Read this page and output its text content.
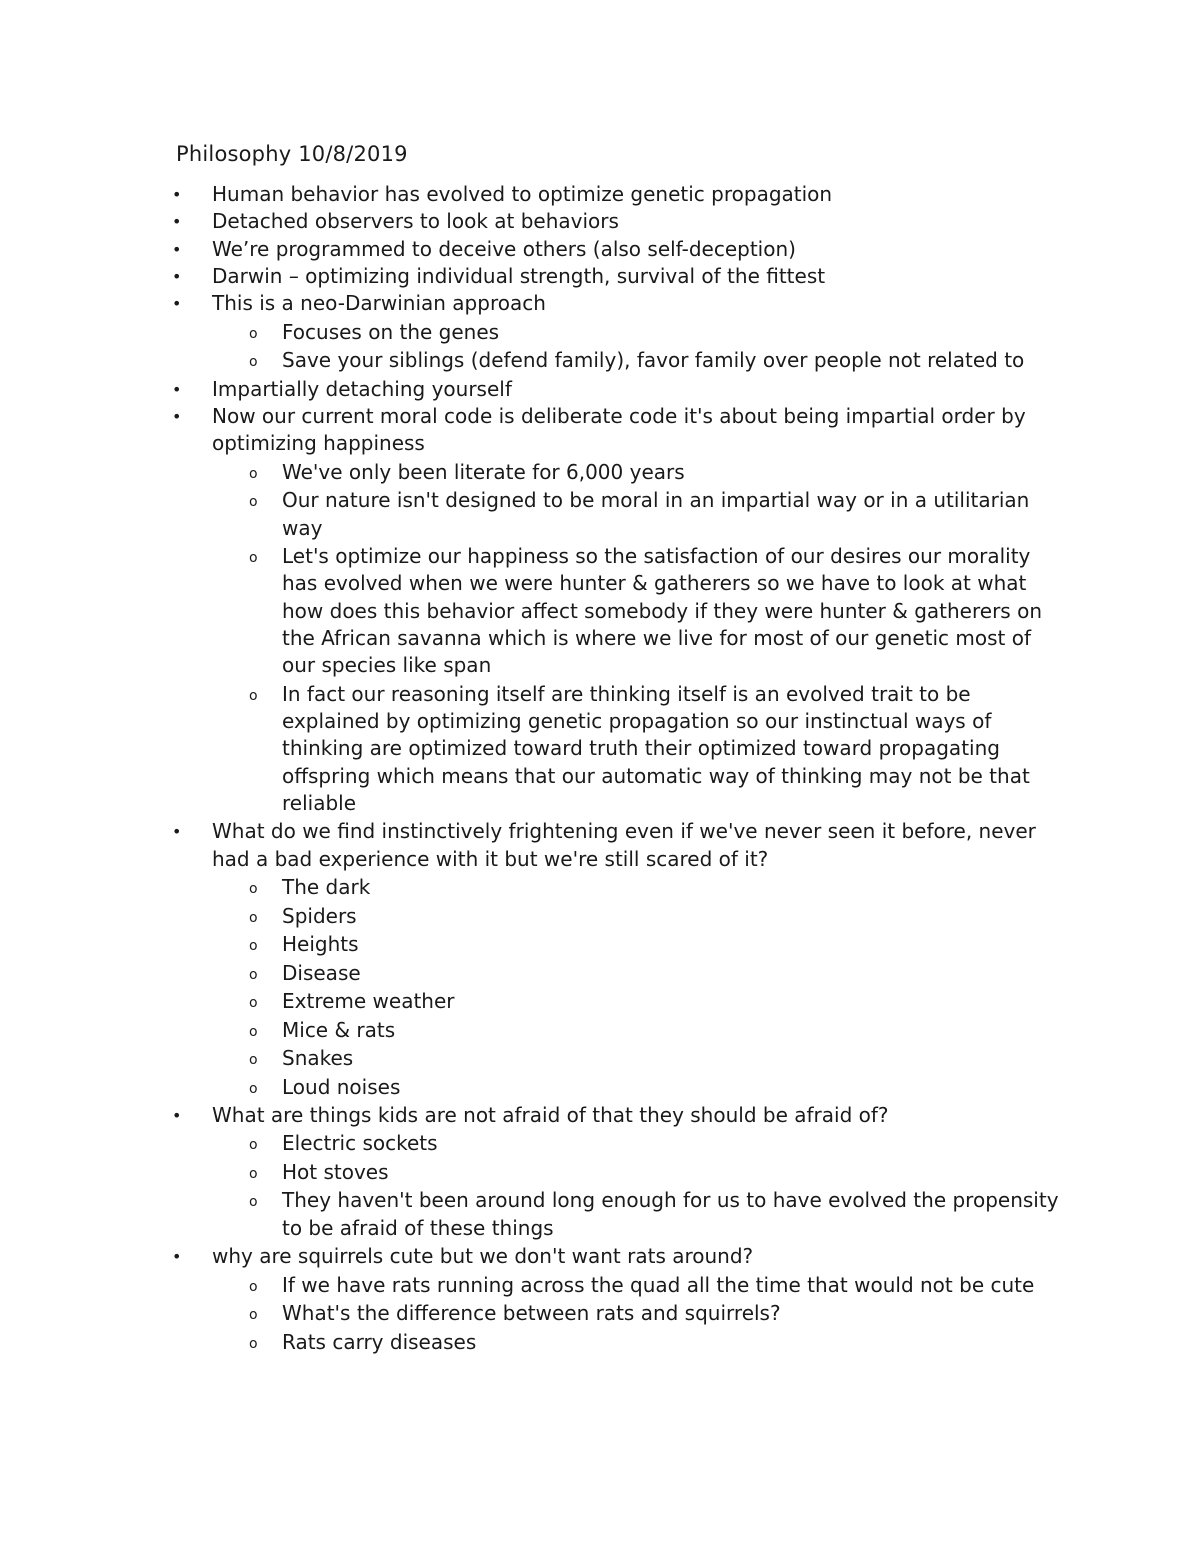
Philosophy 10/8/2019
• Human behavior has evolved to optimize genetic propagation
• Detached observers to look at behaviors
• We’re programmed to deceive others (also self-deception)
• Darwin – optimizing individual strength, survival of the fittest
• This is a neo-Darwinian approach
o Focuses on the genes
o Save your siblings (defend family), favor family over people not related to
• Impartially detaching yourself
• Now our current moral code is deliberate code it's about being impartial order by optimizing happiness
o We've only been literate for 6,000 years
o Our nature isn't designed to be moral in an impartial way or in a utilitarian way
o Let's optimize our happiness so the satisfaction of our desires our morality has evolved when we were hunter & gatherers so we have to look at what how does this behavior affect somebody if they were hunter & gatherers on the African savanna which is where we live for most of our genetic most of our species like span
o In fact our reasoning itself are thinking itself is an evolved trait to be explained by optimizing genetic propagation so our instinctual ways of thinking are optimized toward truth their optimized toward propagating offspring which means that our automatic way of thinking may not be that reliable
• What do we find instinctively frightening even if we've never seen it before, never had a bad experience with it but we're still scared of it?
o The dark
o Spiders
o Heights
o Disease
o Extreme weather
o Mice & rats
o Snakes
o Loud noises
• What are things kids are not afraid of that they should be afraid of?
o Electric sockets
o Hot stoves
o They haven't been around long enough for us to have evolved the propensity to be afraid of these things
• why are squirrels cute but we don't want rats around?
o If we have rats running across the quad all the time that would not be cute
o What's the difference between rats and squirrels?
o Rats carry diseases
